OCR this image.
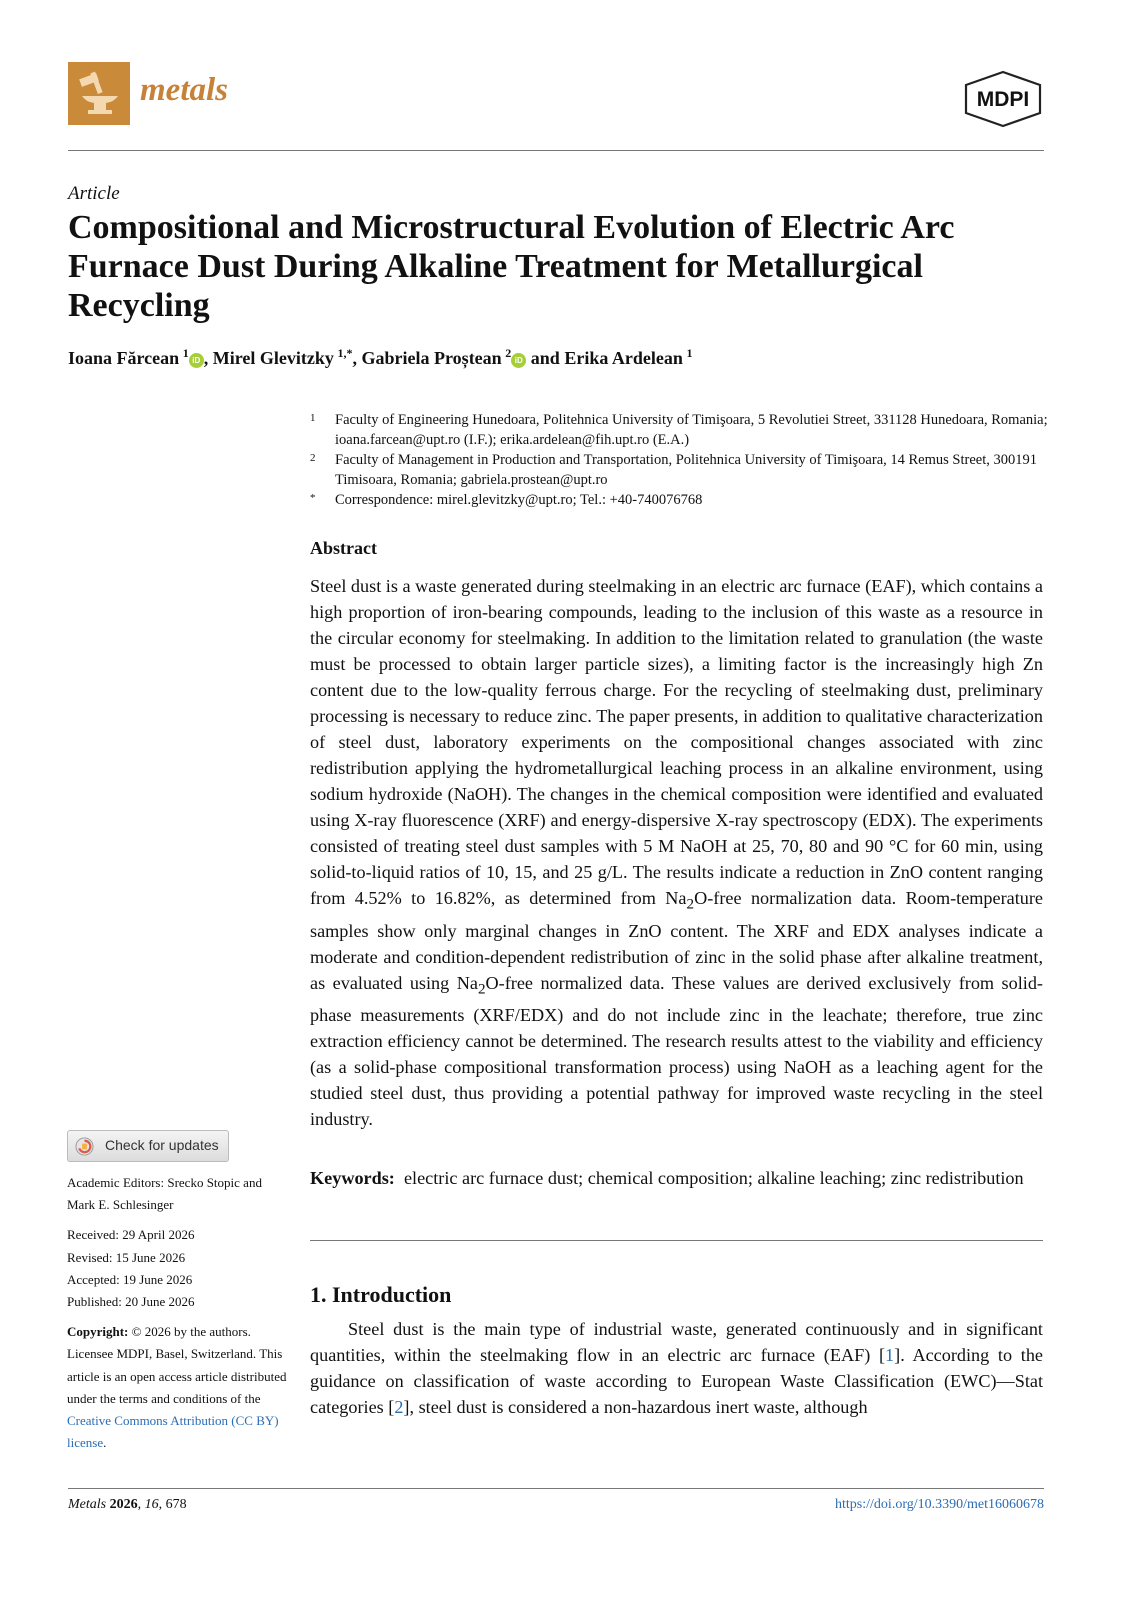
metals	MDPI
Article
Compositional and Microstructural Evolution of Electric Arc Furnace Dust During Alkaline Treatment for Metallurgical Recycling
Ioana Fărcean  $^1$iD , Mirel Glevitzky  $^{1,*}$, Gabriela Proștean  $^2$iD and Erika Ardelean  $^1$
1 Faculty of Engineering Hunedoara, Politehnica University of Timişoara, 5 Revolutiei Street, 331128 Hunedoara, Romania; ioana.farcean@upt.ro (I.F.); erika.ardelean@fih.upt.ro (E.A.)
2 Faculty of Management in Production and Transportation, Politehnica University of Timişoara, 14 Remus Street, 300191 Timisoara, Romania; gabriela.prostean@upt.ro
* Correspondence: mirel.glevitzky@upt.ro; Tel.: +40-740076768
Abstract
Steel dust is a waste generated during steelmaking in an electric arc furnace (EAF), which contains a high proportion of iron-bearing compounds, leading to the inclusion of this waste as a resource in the circular economy for steelmaking. In addition to the limitation related to granulation (the waste must be processed to obtain larger particle sizes), a limiting factor is the increasingly high Zn content due to the low-quality ferrous charge. For the recycling of steelmaking dust, preliminary processing is necessary to reduce zinc. The paper presents, in addition to qualitative characterization of steel dust, laboratory experiments on the compositional changes associated with zinc redistribution applying the hydrometallurgical leaching process in an alkaline environment, using sodium hydroxide (NaOH). The changes in the chemical composition were identified and evaluated using X-ray fluorescence (XRF) and energy-dispersive X-ray spectroscopy (EDX). The experiments consisted of treating steel dust samples with 5 M NaOH at 25, 70, 80 and 90 °C for 60 min, using solid-to-liquid ratios of 10, 15, and 25 g/L. The results indicate a reduction in ZnO content ranging from 4.52% to 16.82%, as determined from $Na_2O$-free normalization data. Room-temperature samples show only marginal changes in ZnO content. The XRF and EDX analyses indicate a moderate and condition-dependent redistribution of zinc in the solid phase after alkaline treatment, as evaluated using $Na_2O$-free normalized data. These values are derived exclusively from solid-phase measurements (XRF/EDX) and do not include zinc in the leachate; therefore, true zinc extraction efficiency cannot be determined. The research results attest to the viability and efficiency (as a solid-phase compositional transformation process) using NaOH as a leaching agent for the studied steel dust, thus providing a potential pathway for improved waste recycling in the steel industry.
Keywords: electric arc furnace dust; chemical composition; alkaline leaching; zinc redistribution
1. Introduction
Steel dust is the main type of industrial waste, generated continuously and in significant quantities, within the steelmaking flow in an electric arc furnace (EAF) [1]. According to the guidance on classification of waste according to European Waste Classification (EWC)—Stat categories [2], steel dust is considered a non-hazardous inert waste, although
Check for updates
Academic Editors: Srecko Stopic and Mark E. Schlesinger
Received: 29 April 2026
Revised: 15 June 2026
Accepted: 19 June 2026
Published: 20 June 2026
Copyright: © 2026 by the authors. Licensee MDPI, Basel, Switzerland. This article is an open access article distributed under the terms and conditions of the Creative Commons Attribution (CC BY) license.
Metals 2026, 16, 678	https://doi.org/10.3390/met16060678
